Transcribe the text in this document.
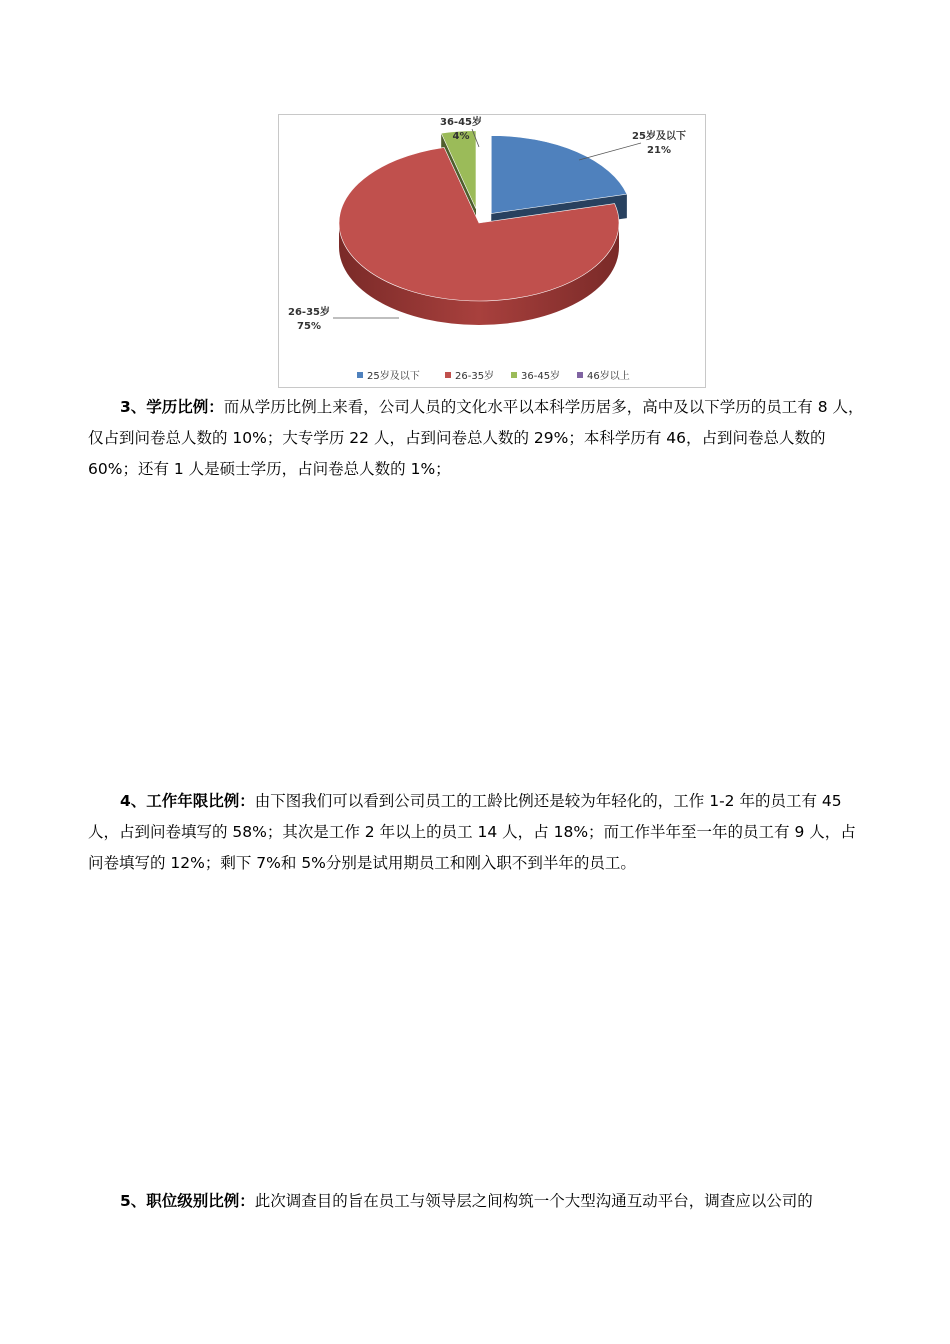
25岁及以下
21%
26-35岁
75%
36-45岁
4%
25岁及以下	26-35岁	36-45岁	46岁以上

3、学历比例：而从学历比例上来看，公司人员的文化水平以本科学历居多，高中及以下学历的员工有 8 人，仅占到问卷总人数的 10%；大专学历 22 人，占到问卷总人数的 29%；本科学历有 46，占到问卷总人数的 60%；还有 1 人是硕士学历，占问卷总人数的 1%；

4、工作年限比例：由下图我们可以看到公司员工的工龄比例还是较为年轻化的，工作 1-2 年的员工有 45 人，占到问卷填写的 58%；其次是工作 2 年以上的员工 14 人，占 18%；而工作半年至一年的员工有 9 人，占问卷填写的 12%；剩下 7%和 5%分别是试用期员工和刚入职不到半年的员工。

5、职位级别比例：此次调查目的旨在员工与领导层之间构筑一个大型沟通互动平台，调查应以公司的
